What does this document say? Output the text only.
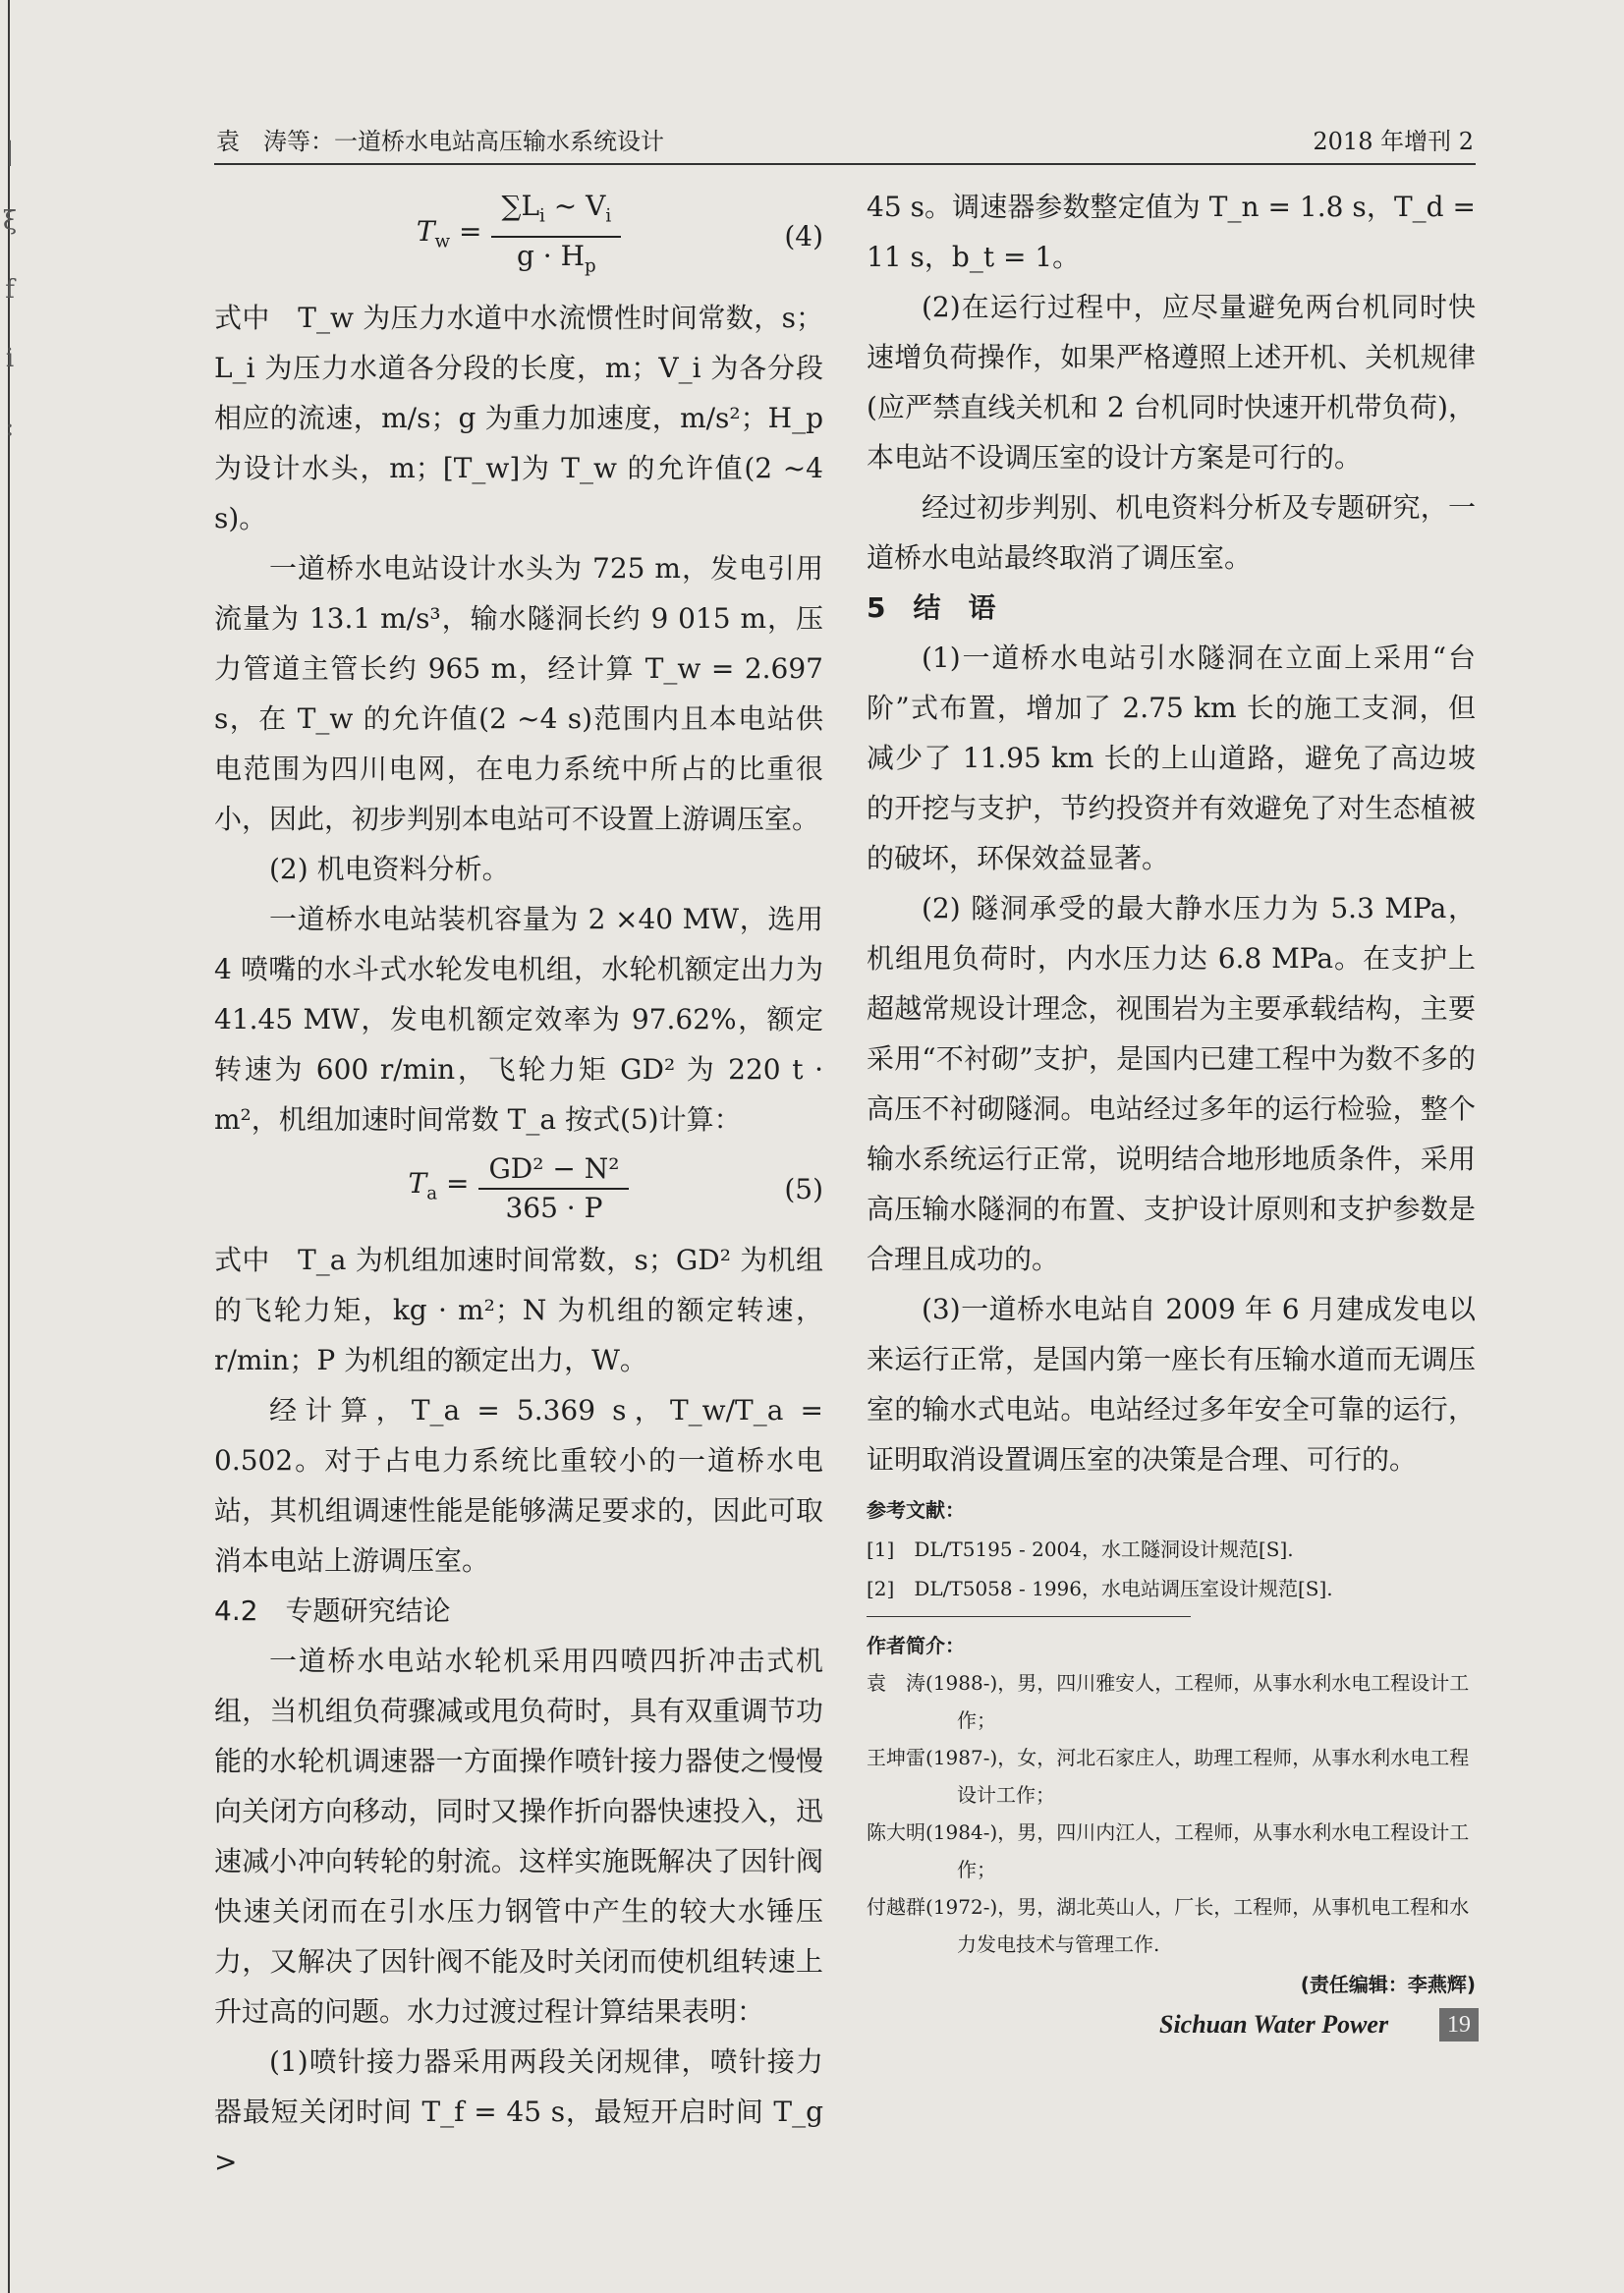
|
ξ
f
i
:
袁　涛等：一道桥水电站高压输水系统设计	2018 年增刊 2
$T_w = \frac{\sum L_i \sim V_i}{g \cdot H_p}$	(4)

式中　T_w 为压力水道中水流惯性时间常数，s；L_i 为压力水道各分段的长度，m；V_i 为各分段相应的流速，m/s；g 为重力加速度，m/s²；H_p 为设计水头，m；[T_w]为 T_w 的允许值(2 ~4 s)。

一道桥水电站设计水头为 725 m，发电引用流量为 13.1 m/s³，输水隧洞长约 9 015 m，压力管道主管长约 965 m，经计算 T_w = 2.697 s，在 T_w 的允许值(2 ~4 s)范围内且本电站供电范围为四川电网，在电力系统中所占的比重很小，因此，初步判别本电站可不设置上游调压室。

(2) 机电资料分析。

一道桥水电站装机容量为 2 ×40 MW，选用 4 喷嘴的水斗式水轮发电机组，水轮机额定出力为 41.45 MW，发电机额定效率为 97.62%，额定转速为 600 r/min，飞轮力矩 GD² 为 220 t · m²，机组加速时间常数 T_a 按式(5)计算：

$T_a = \frac{\text{GD² − N²}}{365 \cdot P}$	(5)

式中　T_a 为机组加速时间常数，s；GD² 为机组的飞轮力矩，kg · m²；N 为机组的额定转速，r/min；P 为机组的额定出力，W。

经计算，T_a = 5.369 s，T_w/T_a = 0.502。对于占电力系统比重较小的一道桥水电站，其机组调速性能是能够满足要求的，因此可取消本电站上游调压室。

4.2　专题研究结论

一道桥水电站水轮机采用四喷四折冲击式机组，当机组负荷骤减或甩负荷时，具有双重调节功能的水轮机调速器一方面操作喷针接力器使之慢慢向关闭方向移动，同时又操作折向器快速投入，迅速减小冲向转轮的射流。这样实施既解决了因针阀快速关闭而在引水压力钢管中产生的较大水锤压力，又解决了因针阀不能及时关闭而使机组转速上升过高的问题。水力过渡过程计算结果表明：

(1)喷针接力器采用两段关闭规律，喷针接力器最短关闭时间 T_f = 45 s，最短开启时间 T_g >

45 s。调速器参数整定值为 T_n = 1.8 s，T_d = 11 s，b_t = 1。

(2)在运行过程中，应尽量避免两台机同时快速增负荷操作，如果严格遵照上述开机、关机规律(应严禁直线关机和 2 台机同时快速开机带负荷)，本电站不设调压室的设计方案是可行的。

经过初步判别、机电资料分析及专题研究，一道桥水电站最终取消了调压室。

5　结　语

(1)一道桥水电站引水隧洞在立面上采用“台阶”式布置，增加了 2.75 km 长的施工支洞，但减少了 11.95 km 长的上山道路，避免了高边坡的开挖与支护，节约投资并有效避免了对生态植被的破坏，环保效益显著。

(2) 隧洞承受的最大静水压力为 5.3 MPa，机组甩负荷时，内水压力达 6.8 MPa。在支护上超越常规设计理念，视围岩为主要承载结构，主要采用“不衬砌”支护，是国内已建工程中为数不多的高压不衬砌隧洞。电站经过多年的运行检验，整个输水系统运行正常，说明结合地形地质条件，采用高压输水隧洞的布置、支护设计原则和支护参数是合理且成功的。

(3)一道桥水电站自 2009 年 6 月建成发电以来运行正常，是国内第一座长有压输水道而无调压室的输水式电站。电站经过多年安全可靠的运行，证明取消设置调压室的决策是合理、可行的。

参考文献：
[1]　DL/T5195 - 2004，水工隧洞设计规范[S].
[2]　DL/T5058 - 1996，水电站调压室设计规范[S].
作者简介：
袁　涛(1988-)，男，四川雅安人，工程师，从事水利水电工程设计工作；
王坤雷(1987-)，女，河北石家庄人，助理工程师，从事水利水电工程设计工作；
陈大明(1984-)，男，四川内江人，工程师，从事水利水电工程设计工作；
付越群(1972-)，男，湖北英山人，厂长，工程师，从事机电工程和水力发电技术与管理工作.
(责任编辑：李燕辉)
Sichuan Water Power	19
